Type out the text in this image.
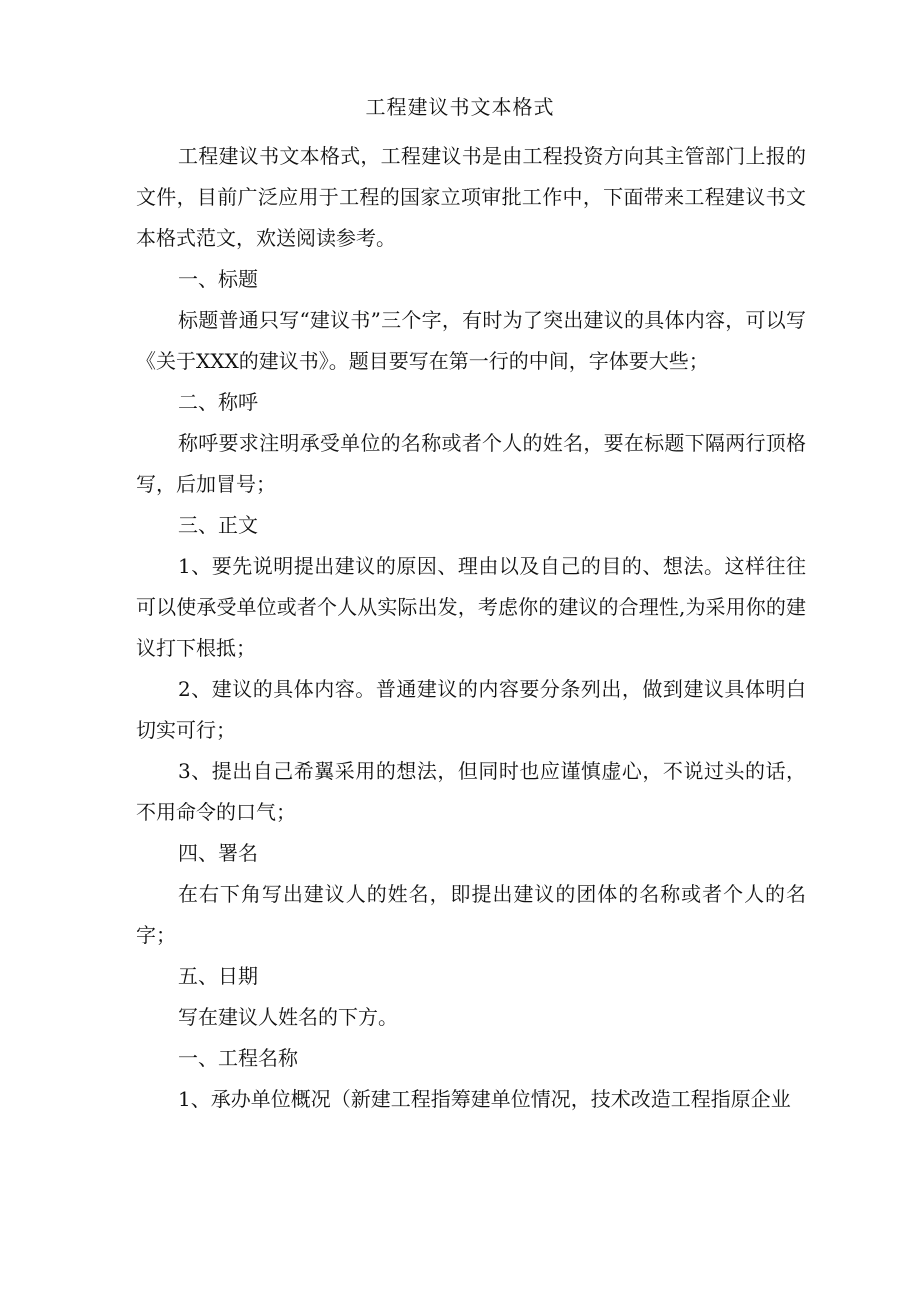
工程建议书文本格式

工程建议书文本格式，工程建议书是由工程投资方向其主管部门上报的文件，目前广泛应用于工程的国家立项审批工作中，下面带来工程建议书文本格式范文，欢送阅读参考。

一、标题

标题普通只写“建议书”三个字，有时为了突出建议的具体内容，可以写《关于XXX的建议书》。题目要写在第一行的中间，字体要大些；

二、称呼

称呼要求注明承受单位的名称或者个人的姓名，要在标题下隔两行顶格写，后加冒号；

三、正文

1、要先说明提出建议的原因、理由以及自己的目的、想法。这样往往可以使承受单位或者个人从实际出发，考虑你的建议的合理性,为采用你的建议打下根抵；

2、建议的具体内容。普通建议的内容要分条列出，做到建议具体明白切实可行；

3、提出自己希翼采用的想法，但同时也应谨慎虚心，不说过头的话，不用命令的口气；

四、署名

在右下角写出建议人的姓名，即提出建议的团体的名称或者个人的名字；

五、日期

写在建议人姓名的下方。

一、工程名称

1、承办单位概况（新建工程指筹建单位情况，技术改造工程指原企业
